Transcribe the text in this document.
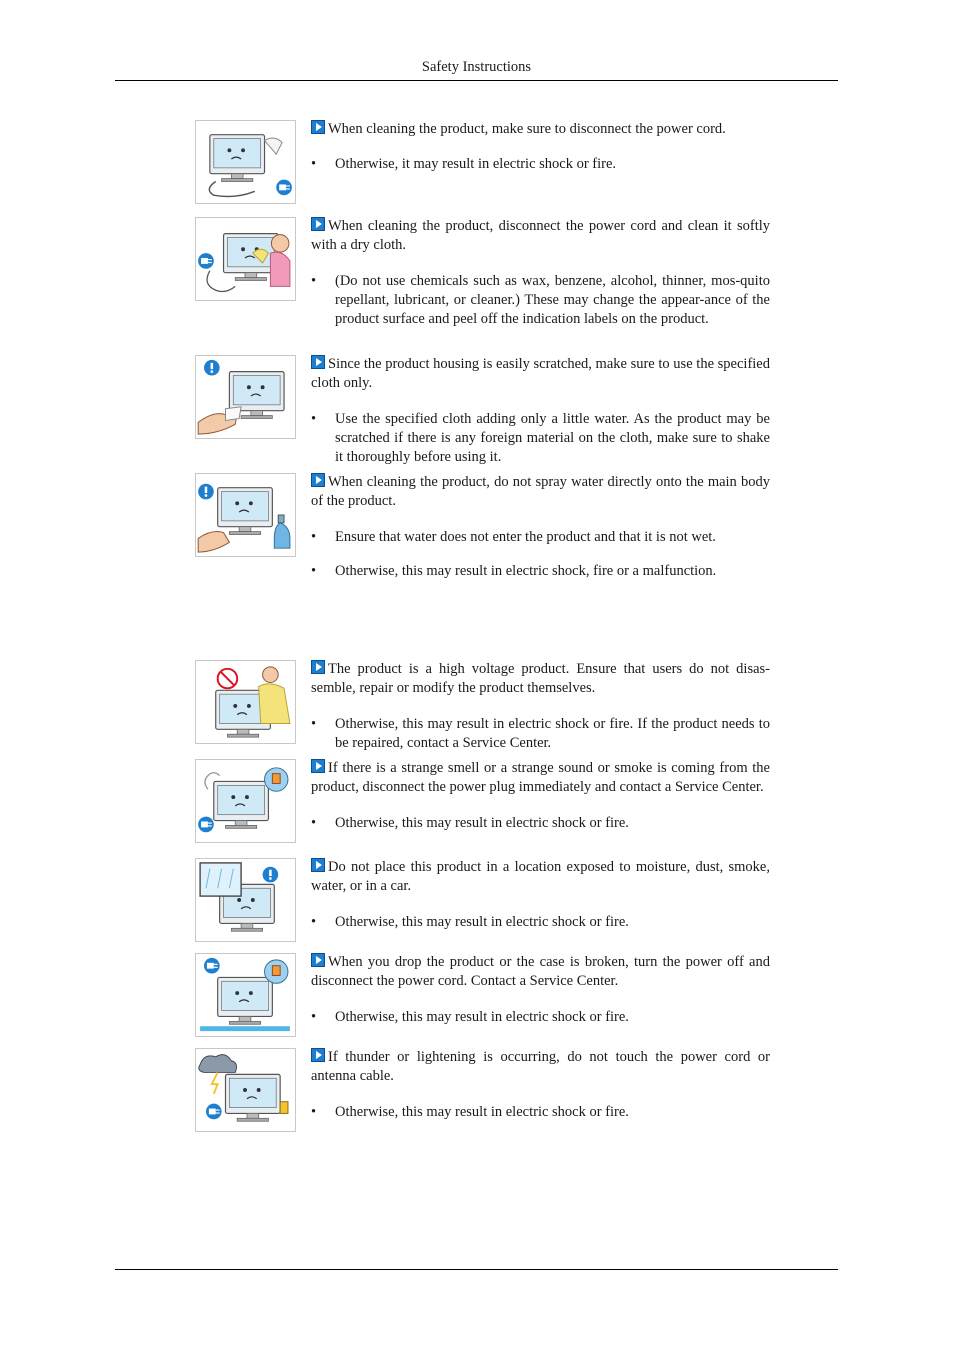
Safety Instructions

When cleaning the product, make sure to disconnect the power cord.

• Otherwise, it may result in electric shock or fire.

When cleaning the product, disconnect the power cord and clean it softly with a dry cloth.

• (Do not use chemicals such as wax, benzene, alcohol, thinner, mos-quito repellant, lubricant, or cleaner.) These may change the appear-ance of the product surface and peel off the indication labels on the product.

Since the product housing is easily scratched, make sure to use the specified cloth only.

• Use the specified cloth adding only a little water. As the product may be scratched if there is any foreign material on the cloth, make sure to shake it thoroughly before using it.

When cleaning the product, do not spray water directly onto the main body of the product.

• Ensure that water does not enter the product and that it is not wet.
• Otherwise, this may result in electric shock, fire or a malfunction.

The product is a high voltage product. Ensure that users do not disas-semble, repair or modify the product themselves.

• Otherwise, this may result in electric shock or fire. If the product needs to be repaired, contact a Service Center.

If there is a strange smell or a strange sound or smoke is coming from the product, disconnect the power plug immediately and contact a Service Center.

• Otherwise, this may result in electric shock or fire.

Do not place this product in a location exposed to moisture, dust, smoke, water, or in a car.

• Otherwise, this may result in electric shock or fire.

When you drop the product or the case is broken, turn the power off and disconnect the power cord. Contact a Service Center.

• Otherwise, this may result in electric shock or fire.

If thunder or lightening is occurring, do not touch the power cord or antenna cable.

• Otherwise, this may result in electric shock or fire.
